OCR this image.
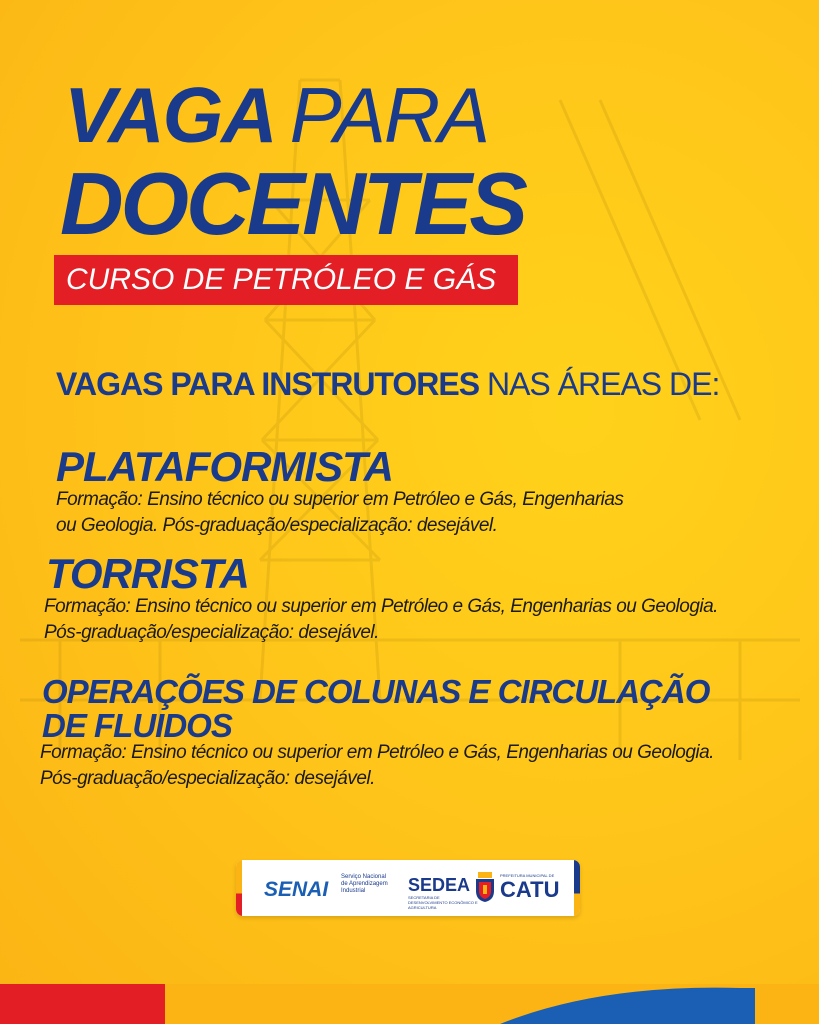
VAGA PARA
DOCENTES
CURSO DE PETRÓLEO E GÁS
VAGAS PARA INSTRUTORES NAS ÁREAS DE:
PLATAFORMISTA
Formação: Ensino técnico ou superior em Petróleo e Gás, Engenharias
ou Geologia. Pós-graduação/especialização: desejável.
TORRISTA
Formação: Ensino técnico ou superior em Petróleo e Gás, Engenharias ou Geologia.
Pós-graduação/especialização: desejável.
OPERAÇÕES DE COLUNAS E CIRCULAÇÃO
DE FLUIDOS
Formação: Ensino técnico ou superior em Petróleo e Gás, Engenharias ou Geologia.
Pós-graduação/especialização: desejável.
SENAI
Serviço Nacional de Aprendizagem Industrial	SEDEA
SECRETARIA DE DESENVOLVIMENTO ECONÔMICO E AGRICULTURA
PREFEITURA MUNICIPAL DE
CATU
